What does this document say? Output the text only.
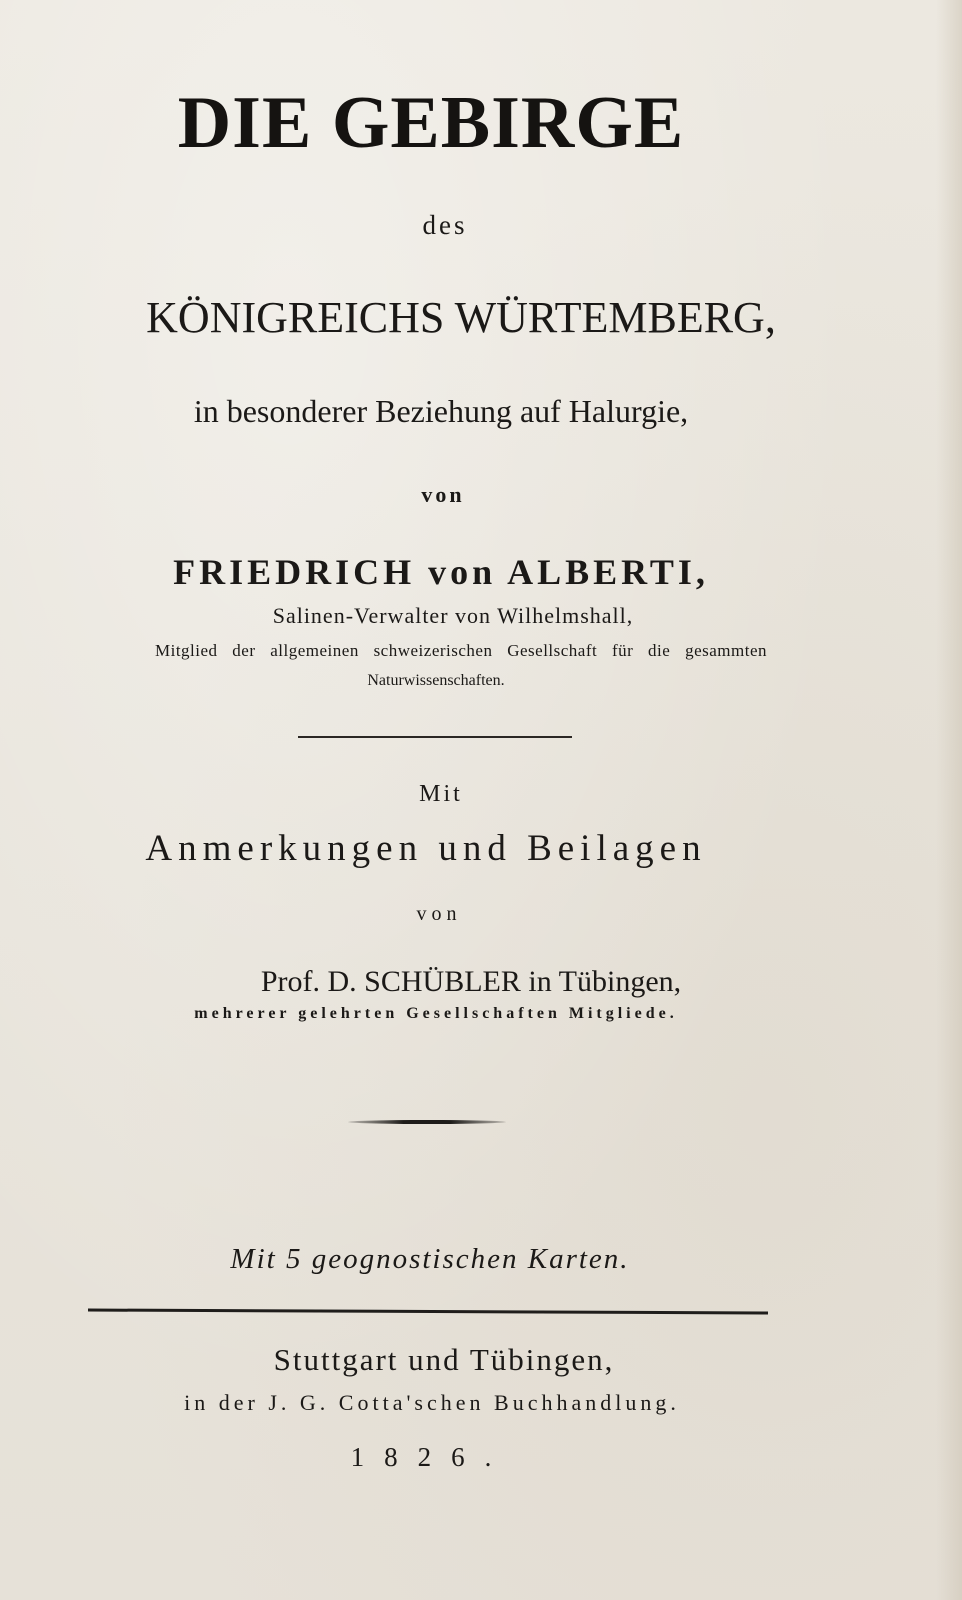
DIE GEBIRGE
des
KÖNIGREICHS WÜRTEMBERG,
in besonderer Beziehung auf Halurgie,
von
FRIEDRICH von ALBERTI,
Salinen-Verwalter von Wilhelmshall,
Mitglied der allgemeinen schweizerischen Gesellschaft für die gesammten
Naturwissenschaften.
Mit
Anmerkungen und Beilagen
von
Prof. D. SCHÜBLER in Tübingen,
mehrerer gelehrten Gesellschaften Mitgliede.
Mit 5 geognostischen Karten.
Stuttgart und Tübingen,
in der J. G. Cotta'schen Buchhandlung.
1826.
